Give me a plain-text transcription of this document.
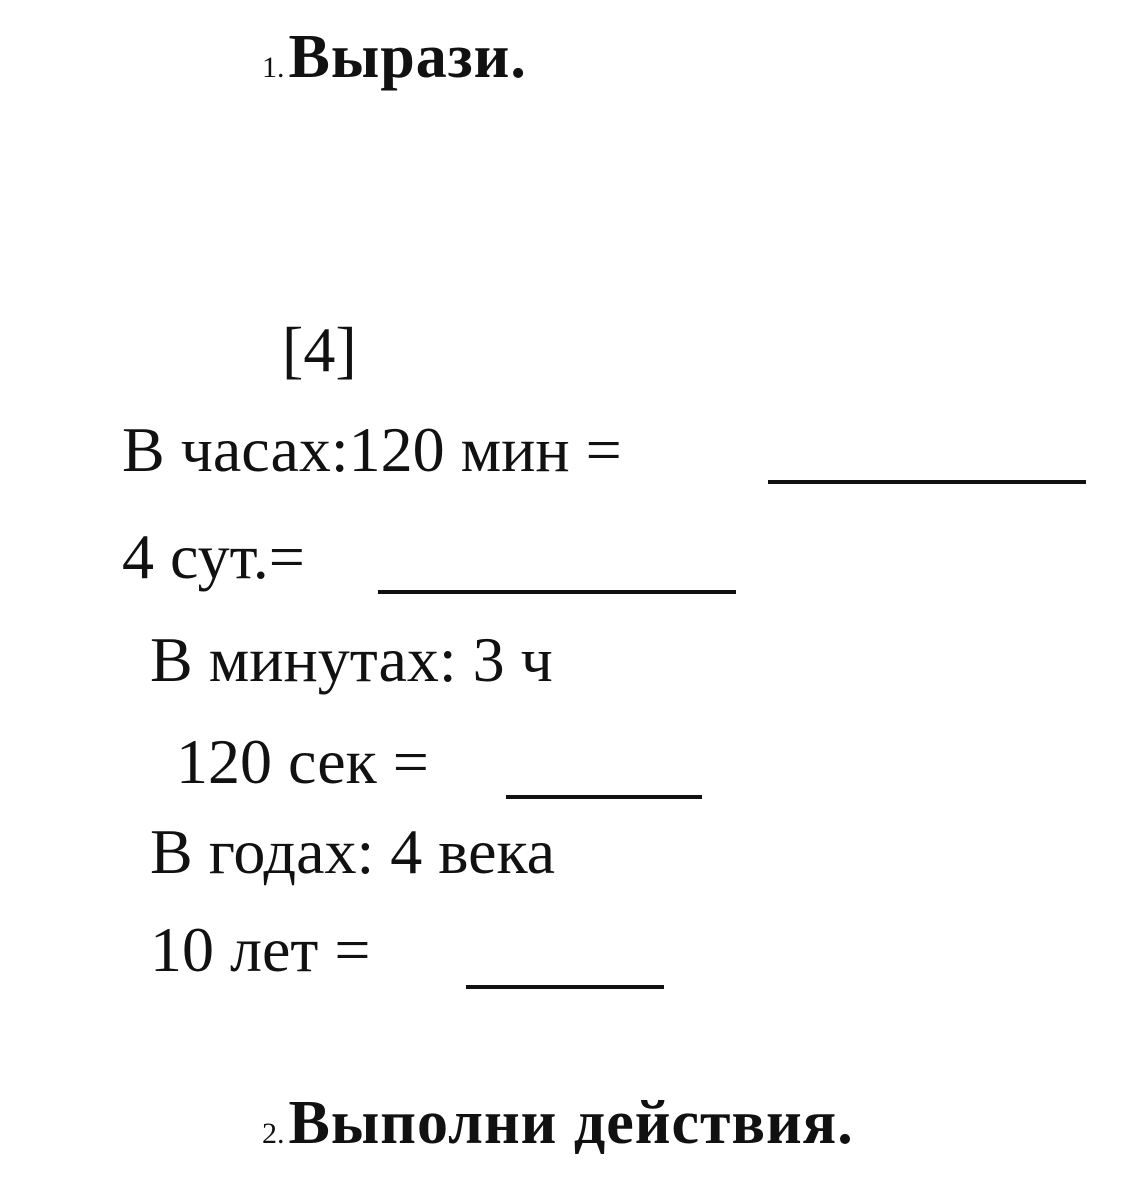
1. Вырази.
[4]
В часах:120 мин =
4 сут.=
В минутах: 3 ч
120 сек =
В годах: 4 века
10 лет =
2. Выполни действия.
